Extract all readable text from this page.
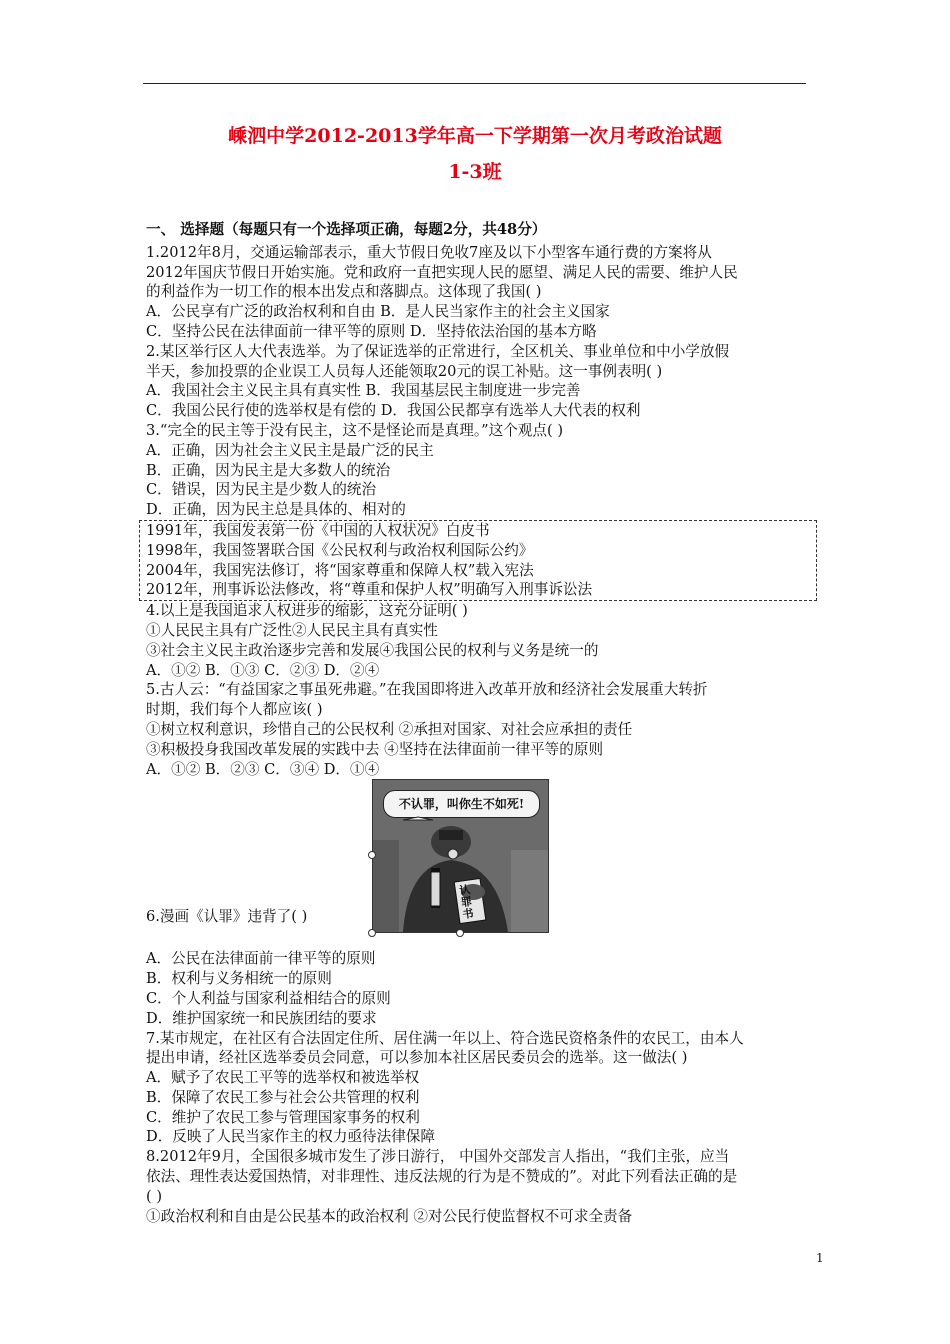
嵊泗中学2012-2013学年高一下学期第一次月考政治试题
1-3班

一、 选择题（每题只有一个选择项正确，每题2分，共48分）

1.2012年8月，交通运输部表示，重大节假日免收7座及以下小型客车通行费的方案将从

2012年国庆节假日开始实施。党和政府一直把实现人民的愿望、满足人民的需要、维护人民

的利益作为一切工作的根本出发点和落脚点。这体现了我国( )

A．公民享有广泛的政治权利和自由 B．是人民当家作主的社会主义国家

C．坚持公民在法律面前一律平等的原则 D．坚持依法治国的基本方略

2.某区举行区人大代表选举。为了保证选举的正常进行，全区机关、事业单位和中小学放假

半天，参加投票的企业误工人员每人还能领取20元的误工补贴。这一事例表明( )

A．我国社会主义民主具有真实性 B．我国基层民主制度进一步完善

C．我国公民行使的选举权是有偿的 D．我国公民都享有选举人大代表的权利

3.“完全的民主等于没有民主，这不是怪论而是真理。”这个观点( )

A．正确，因为社会主义民主是最广泛的民主

B．正确，因为民主是大多数人的统治

C．错误，因为民主是少数人的统治

D．正确，因为民主总是具体的、相对的

1991年，我国发表第一份《中国的人权状况》白皮书

1998年，我国签署联合国《公民权利与政治权利国际公约》

2004年，我国宪法修订，将“国家尊重和保障人权”载入宪法

2012年，刑事诉讼法修改，将“尊重和保护人权”明确写入刑事诉讼法

4.以上是我国追求人权进步的缩影，这充分证明( )

①人民民主具有广泛性②人民民主具有真实性

③社会主义民主政治逐步完善和发展④我国公民的权利与义务是统一的

A．①② B．①③ C．②③ D．②④

5.古人云：“有益国家之事虽死弗避。”在我国即将进入改革开放和经济社会发展重大转折

时期，我们每个人都应该( )

①树立权利意识，珍惜自己的公民权利 ②承担对国家、对社会应承担的责任

③积极投身我国改革发展的实践中去 ④坚持在法律面前一律平等的原则

A．①② B．②③ C．③④ D．①④

不认罪，叫你生不如死!
认罪书

6.漫画《认罪》违背了( )

A．公民在法律面前一律平等的原则

B．权利与义务相统一的原则

C．个人利益与国家利益相结合的原则

D．维护国家统一和民族团结的要求

7.某市规定，在社区有合法固定住所、居住满一年以上、符合选民资格条件的农民工，由本人

提出申请，经社区选举委员会同意，可以参加本社区居民委员会的选举。这一做法( )

A．赋予了农民工平等的选举权和被选举权

B．保障了农民工参与社会公共管理的权利

C．维护了农民工参与管理国家事务的权利

D．反映了人民当家作主的权力亟待法律保障

8.2012年9月，全国很多城市发生了涉日游行， 中国外交部发言人指出，“我们主张，应当

依法、理性表达爱国热情，对非理性、违反法规的行为是不赞成的”。对此下列看法正确的是

( )

①政治权利和自由是公民基本的政治权利 ②对公民行使监督权不可求全责备

1
